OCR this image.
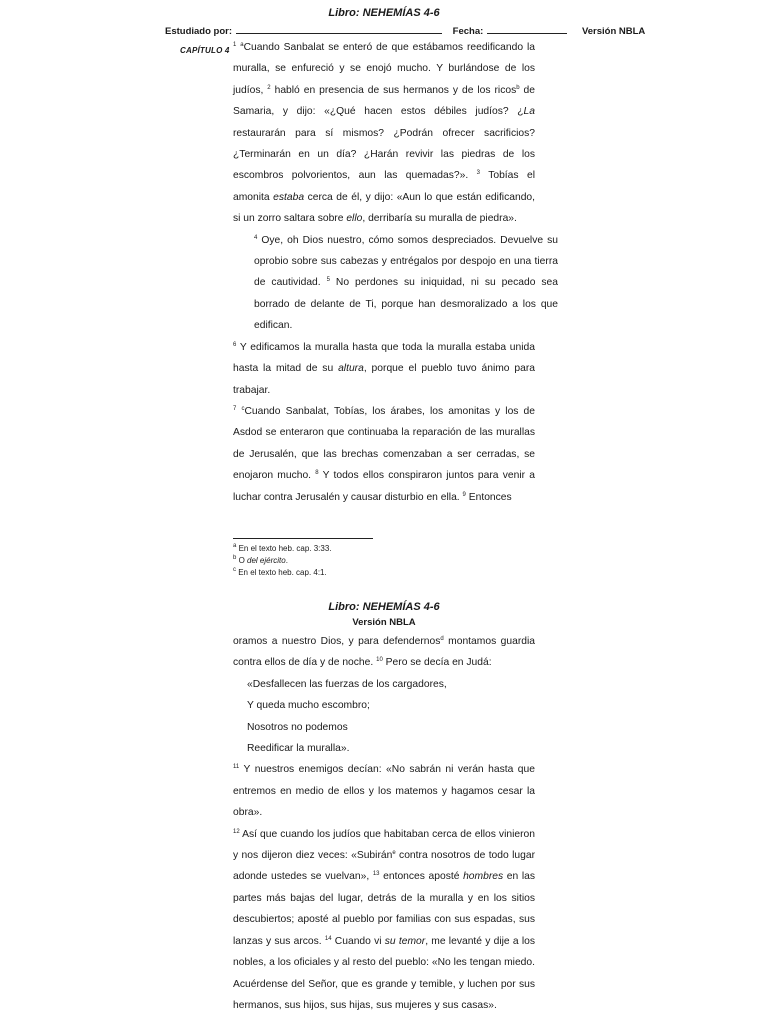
Libro: NEHEMÍAS 4-6
Estudiado por:	Fecha:	Versión NBLA
CAPÍTULO 4

$^1$ $^a$Cuando Sanbalat se enteró de que estábamos reedificando la muralla, se enfureció y se enojó mucho. Y burlándose de los judíos, $^2$ habló en presencia de sus hermanos y de los ricos$^b$ de Samaria, y dijo: «¿Qué hacen estos débiles judíos? ¿La restaurarán para sí mismos? ¿Podrán ofrecer sacrificios? ¿Terminarán en un día? ¿Harán revivir las piedras de los escombros polvorientos, aun las quemadas?». $^3$ Tobías el amonita estaba cerca de él, y dijo: «Aun lo que están edificando, si un zorro saltara sobre ello, derribaría su muralla de piedra».

$^4$ Oye, oh Dios nuestro, cómo somos despreciados. Devuelve su oprobio sobre sus cabezas y entrégalos por despojo en una tierra de cautividad. $^5$ No perdones su iniquidad, ni su pecado sea borrado de delante de Ti, porque han desmoralizado a los que edifican.

$^6$ Y edificamos la muralla hasta que toda la muralla estaba unida hasta la mitad de su altura, porque el pueblo tuvo ánimo para trabajar.

$^7$ $^c$Cuando Sanbalat, Tobías, los árabes, los amonitas y los de Asdod se enteraron que continuaba la reparación de las murallas de Jerusalén, que las brechas comenzaban a ser cerradas, se enojaron mucho. $^8$ Y todos ellos conspiraron juntos para venir a luchar contra Jerusalén y causar disturbio en ella. $^9$ Entonces

$^a$ En el texto heb. cap. 3:33.
$^b$ O del ejército.
$^c$ En el texto heb. cap. 4:1.
Libro: NEHEMÍAS 4-6
Versión NBLA

oramos a nuestro Dios, y para defendernos$^d$ montamos guardia contra ellos de día y de noche. $^{10}$ Pero se decía en Judá:

«Desfallecen las fuerzas de los cargadores,
Y queda mucho escombro;
Nosotros no podemos
Reedificar la muralla».

$^{11}$ Y nuestros enemigos decían: «No sabrán ni verán hasta que entremos en medio de ellos y los matemos y hagamos cesar la obra».

$^{12}$ Así que cuando los judíos que habitaban cerca de ellos vinieron y nos dijeron diez veces: «Subirán$^e$ contra nosotros de todo lugar adonde ustedes se vuelvan», $^{13}$ entonces aposté hombres en las partes más bajas del lugar, detrás de la muralla y en los sitios descubiertos; aposté al pueblo por familias con sus espadas, sus lanzas y sus arcos. $^{14}$ Cuando vi su temor, me levanté y dije a los nobles, a los oficiales y al resto del pueblo: «No les tengan miedo. Acuérdense del Señor, que es grande y temible, y luchen por sus hermanos, sus hijos, sus hijas, sus mujeres y sus casas».
